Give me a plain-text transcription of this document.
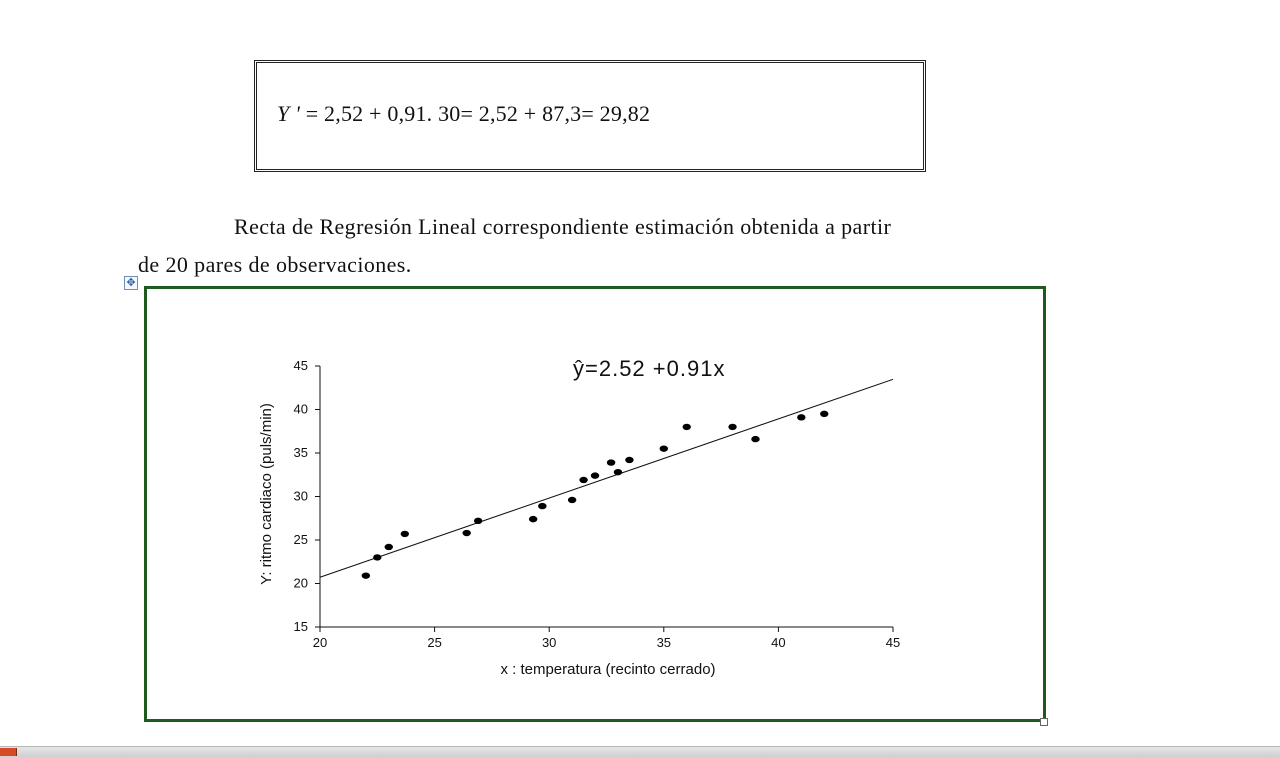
Y ' = 2,52 + 0,91. 30= 2,52 + 87,3= 29,82
Recta de Regresión Lineal correspondiente estimación obtenida a partir
de 20 pares de observaciones.
✥
20	25	30	35	40	45
15
20
25
30
35
40
45	ŷ=2.52 +0.91x
x : temperatura (recinto cerrado)
Y: ritmo cardiaco (puls/min)
